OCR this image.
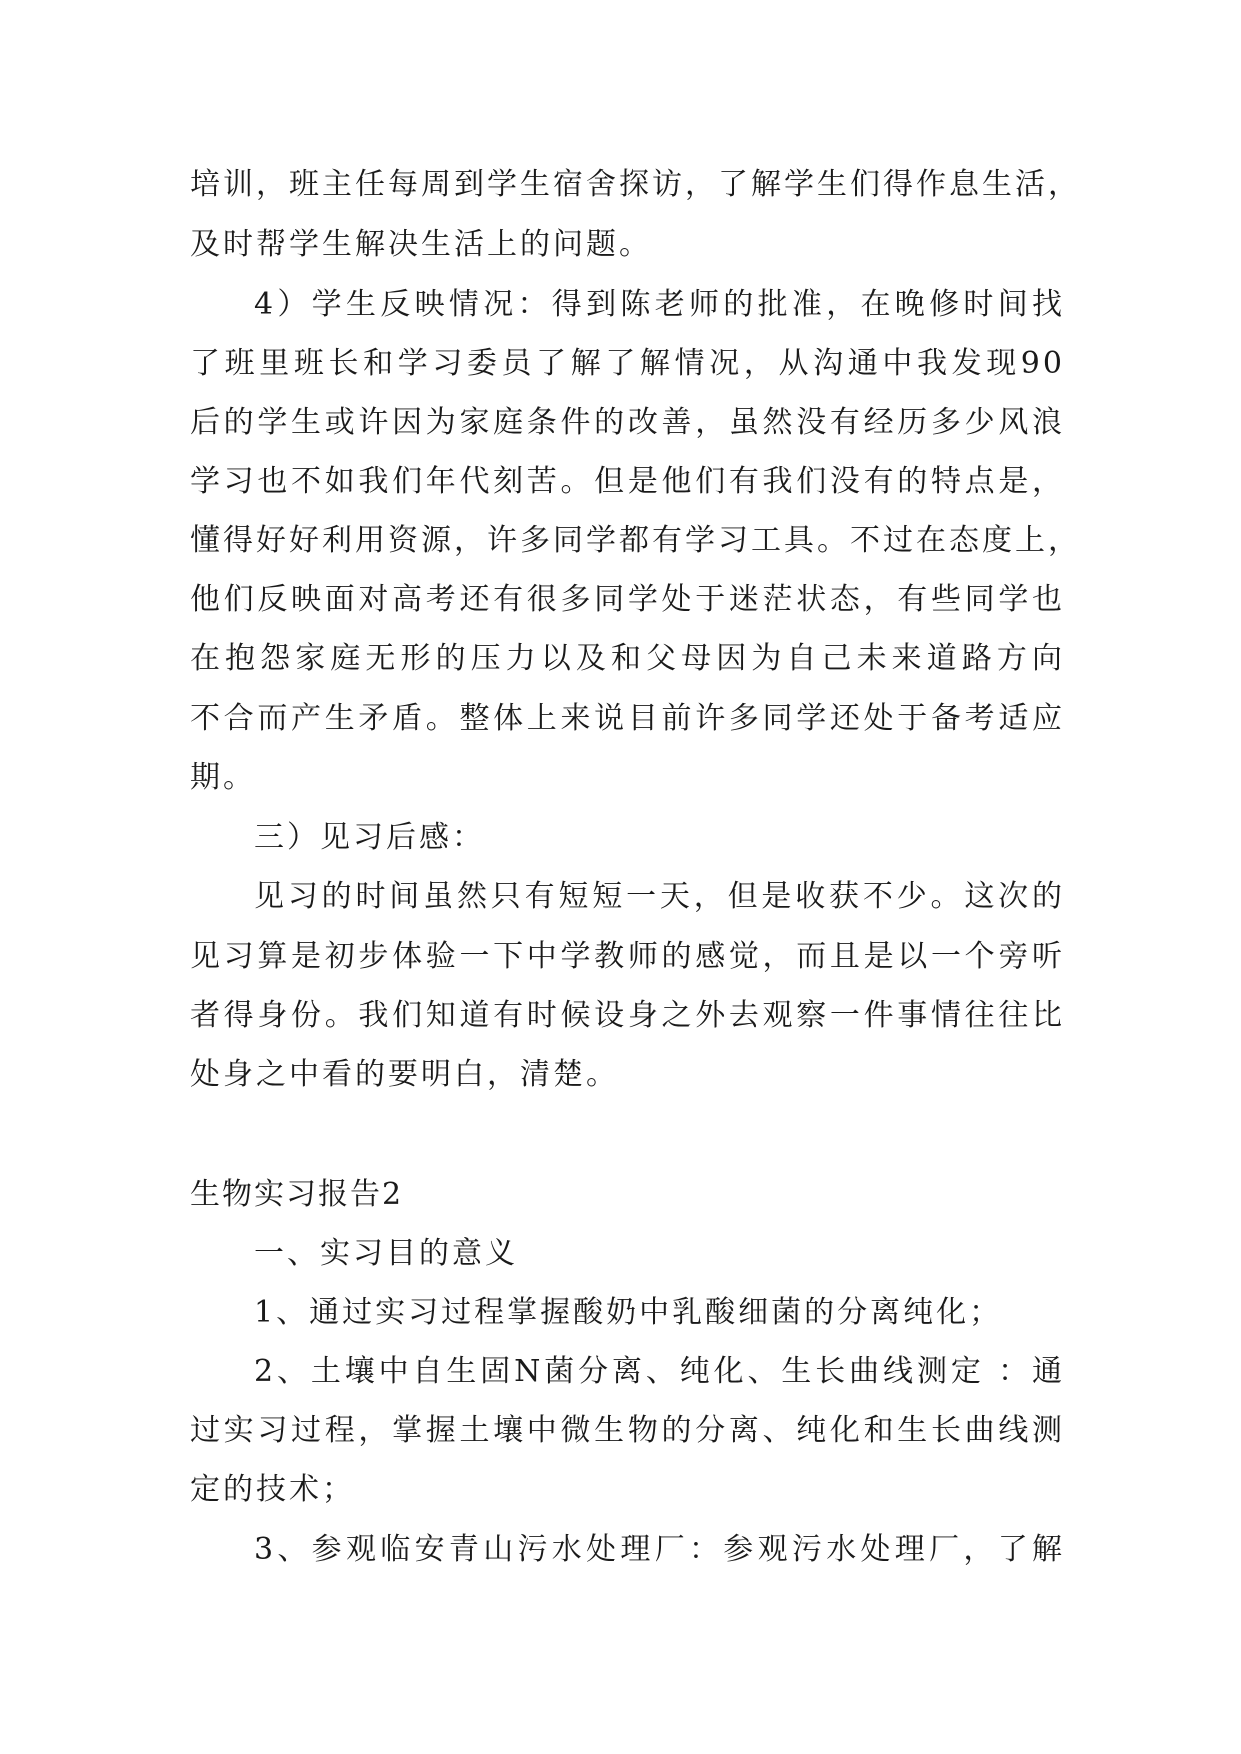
培训，班主任每周到学生宿舍探访，了解学生们得作息生活，
及时帮学生解决生活上的问题。
4）学生反映情况：得到陈老师的批准，在晚修时间找
了班里班长和学习委员了解了解情况，从沟通中我发现90
后的学生或许因为家庭条件的改善，虽然没有经历多少风浪
学习也不如我们年代刻苦。但是他们有我们没有的特点是，
懂得好好利用资源，许多同学都有学习工具。不过在态度上，
他们反映面对高考还有很多同学处于迷茫状态，有些同学也
在抱怨家庭无形的压力以及和父母因为自己未来道路方向
不合而产生矛盾。整体上来说目前许多同学还处于备考适应
期。
三）见习后感：
见习的时间虽然只有短短一天，但是收获不少。这次的
见习算是初步体验一下中学教师的感觉，而且是以一个旁听
者得身份。我们知道有时候设身之外去观察一件事情往往比
处身之中看的要明白，清楚。
生物实习报告2
一、实习目的意义
1、通过实习过程掌握酸奶中乳酸细菌的分离纯化；
2、土壤中自生固N菌分离、纯化、生长曲线测定 ：通
过实习过程，掌握土壤中微生物的分离、纯化和生长曲线测
定的技术；
3、参观临安青山污水处理厂：参观污水处理厂，了解
